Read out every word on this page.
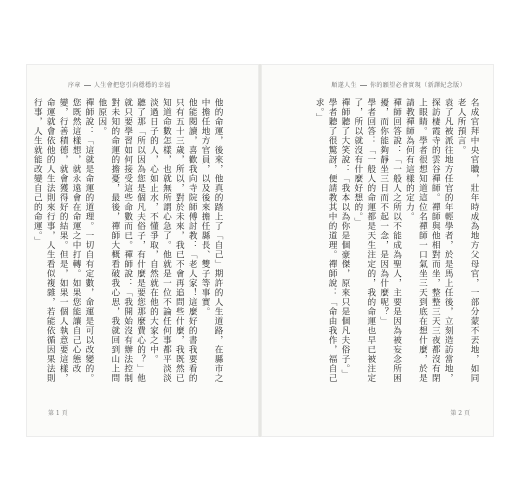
序章 人生會把您引向穩穩的幸福

他的命運，後來，他真的踏上了「自己」期許的人生道路，在縣市之中擔任地方官員，以及後來擔任縣長、雙子等事實。

他能閱讀，喜歡我向寺院師傅討教：「老人家！這麼好的書我要看的只有五十三歲，所以，對於未來，我已不會再追問些什麼，我既然已知道命數怎樣，也就無所謂心急了。他就是一位不論任何事都平淡淡淡過日子的人，心如止水，不懂爭取，自然就在他的大家之中。

聽了那「所以因為您是個凡夫俗子，有什麼是要您那麼費心的？」他就只要學習如何接受這些命數而已。禪師說：「我開始沒有辦法控制對未知的命運的擔憂，最後，禪師大概看破我心思，我就回到山上問他原因。

禪師說：「這就是命運的道理。一切自有定數，命運是可以改變的。您既然這樣想，就永遠會在命運之中打轉。如果您能讓自己心態改變，行善積德，就會獲得好的結果。但是，如果一個人執意要這樣，命運就會依他的人生法則來行事，人生看似複雜，若能依循因果法則行事，人生就能改變自己的命運。」

第 1 頁
順遂人生 你的願望必會實現（新譯紀念版）

名成官拜中央官職，壯年時成為地方父母官，一部分蒙不丟地，如同老人所預言。

袁了凡被派往地方任官的年輕學者，於是馬上任後，立刻造訪當地，探訪棲霞寺的雲谷禪師。禪師與他相對而坐，整整三天三夜都沒有閉上眼睛。學者很想知道這位名禪師一口氣坐三天到底在想什麼，於是請教禪師為何有這樣的定力。

禪師回答說：「一般人之所以不能成為聖人，主要是因為被妄念所困擾，而你能夠靜坐三日而不起一念，是因為什麼呢？」

學者回答：「一般人的命運都是天生注定的，我的命運也早已被注定了，所以就沒有什麼好想的。」

禪師聽了大笑說：「我本以為你是個豪傑，原來只是個凡夫俗子。」學者聽了很驚訝，便請教其中的道理。禪師說：「命由我作，福自己求。」

第 2 頁
